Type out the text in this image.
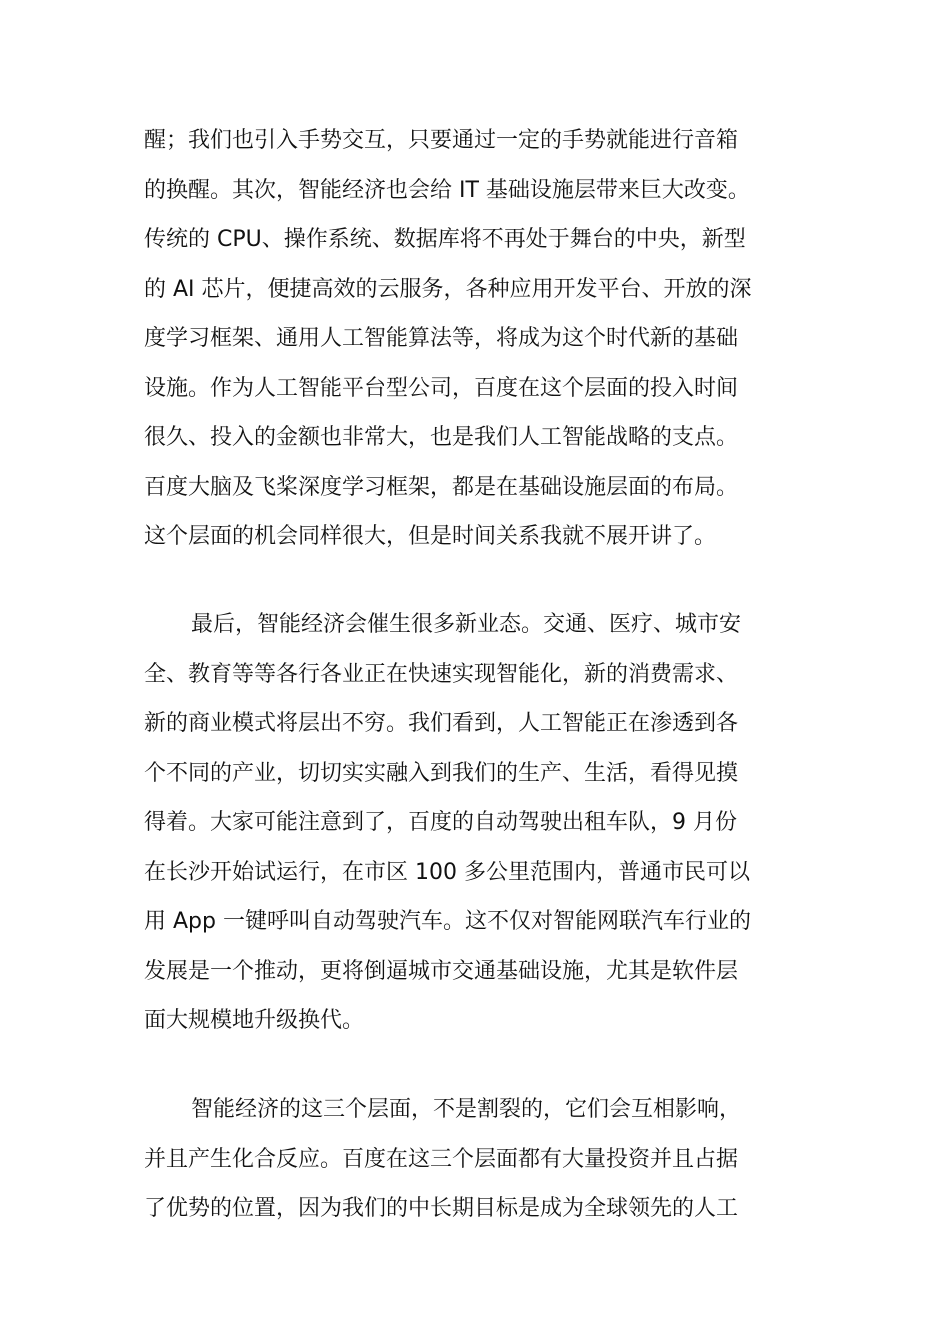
醒；我们也引入手势交互，只要通过一定的手势就能进行音箱
的换醒。其次，智能经济也会给 IT 基础设施层带来巨大改变。
传统的 CPU、操作系统、数据库将不再处于舞台的中央，新型
的 AI 芯片，便捷高效的云服务，各种应用开发平台、开放的深
度学习框架、通用人工智能算法等，将成为这个时代新的基础
设施。作为人工智能平台型公司，百度在这个层面的投入时间
很久、投入的金额也非常大，也是我们人工智能战略的支点。
百度大脑及飞桨深度学习框架，都是在基础设施层面的布局。
这个层面的机会同样很大，但是时间关系我就不展开讲了。
最后，智能经济会催生很多新业态。交通、医疗、城市安
全、教育等等各行各业正在快速实现智能化，新的消费需求、
新的商业模式将层出不穷。我们看到，人工智能正在渗透到各
个不同的产业，切切实实融入到我们的生产、生活，看得见摸
得着。大家可能注意到了，百度的自动驾驶出租车队，9 月份
在长沙开始试运行，在市区 100 多公里范围内，普通市民可以
用 App 一键呼叫自动驾驶汽车。这不仅对智能网联汽车行业的
发展是一个推动，更将倒逼城市交通基础设施，尤其是软件层
面大规模地升级换代。
智能经济的这三个层面，不是割裂的，它们会互相影响，
并且产生化合反应。百度在这三个层面都有大量投资并且占据
了优势的位置，因为我们的中长期目标是成为全球领先的人工
